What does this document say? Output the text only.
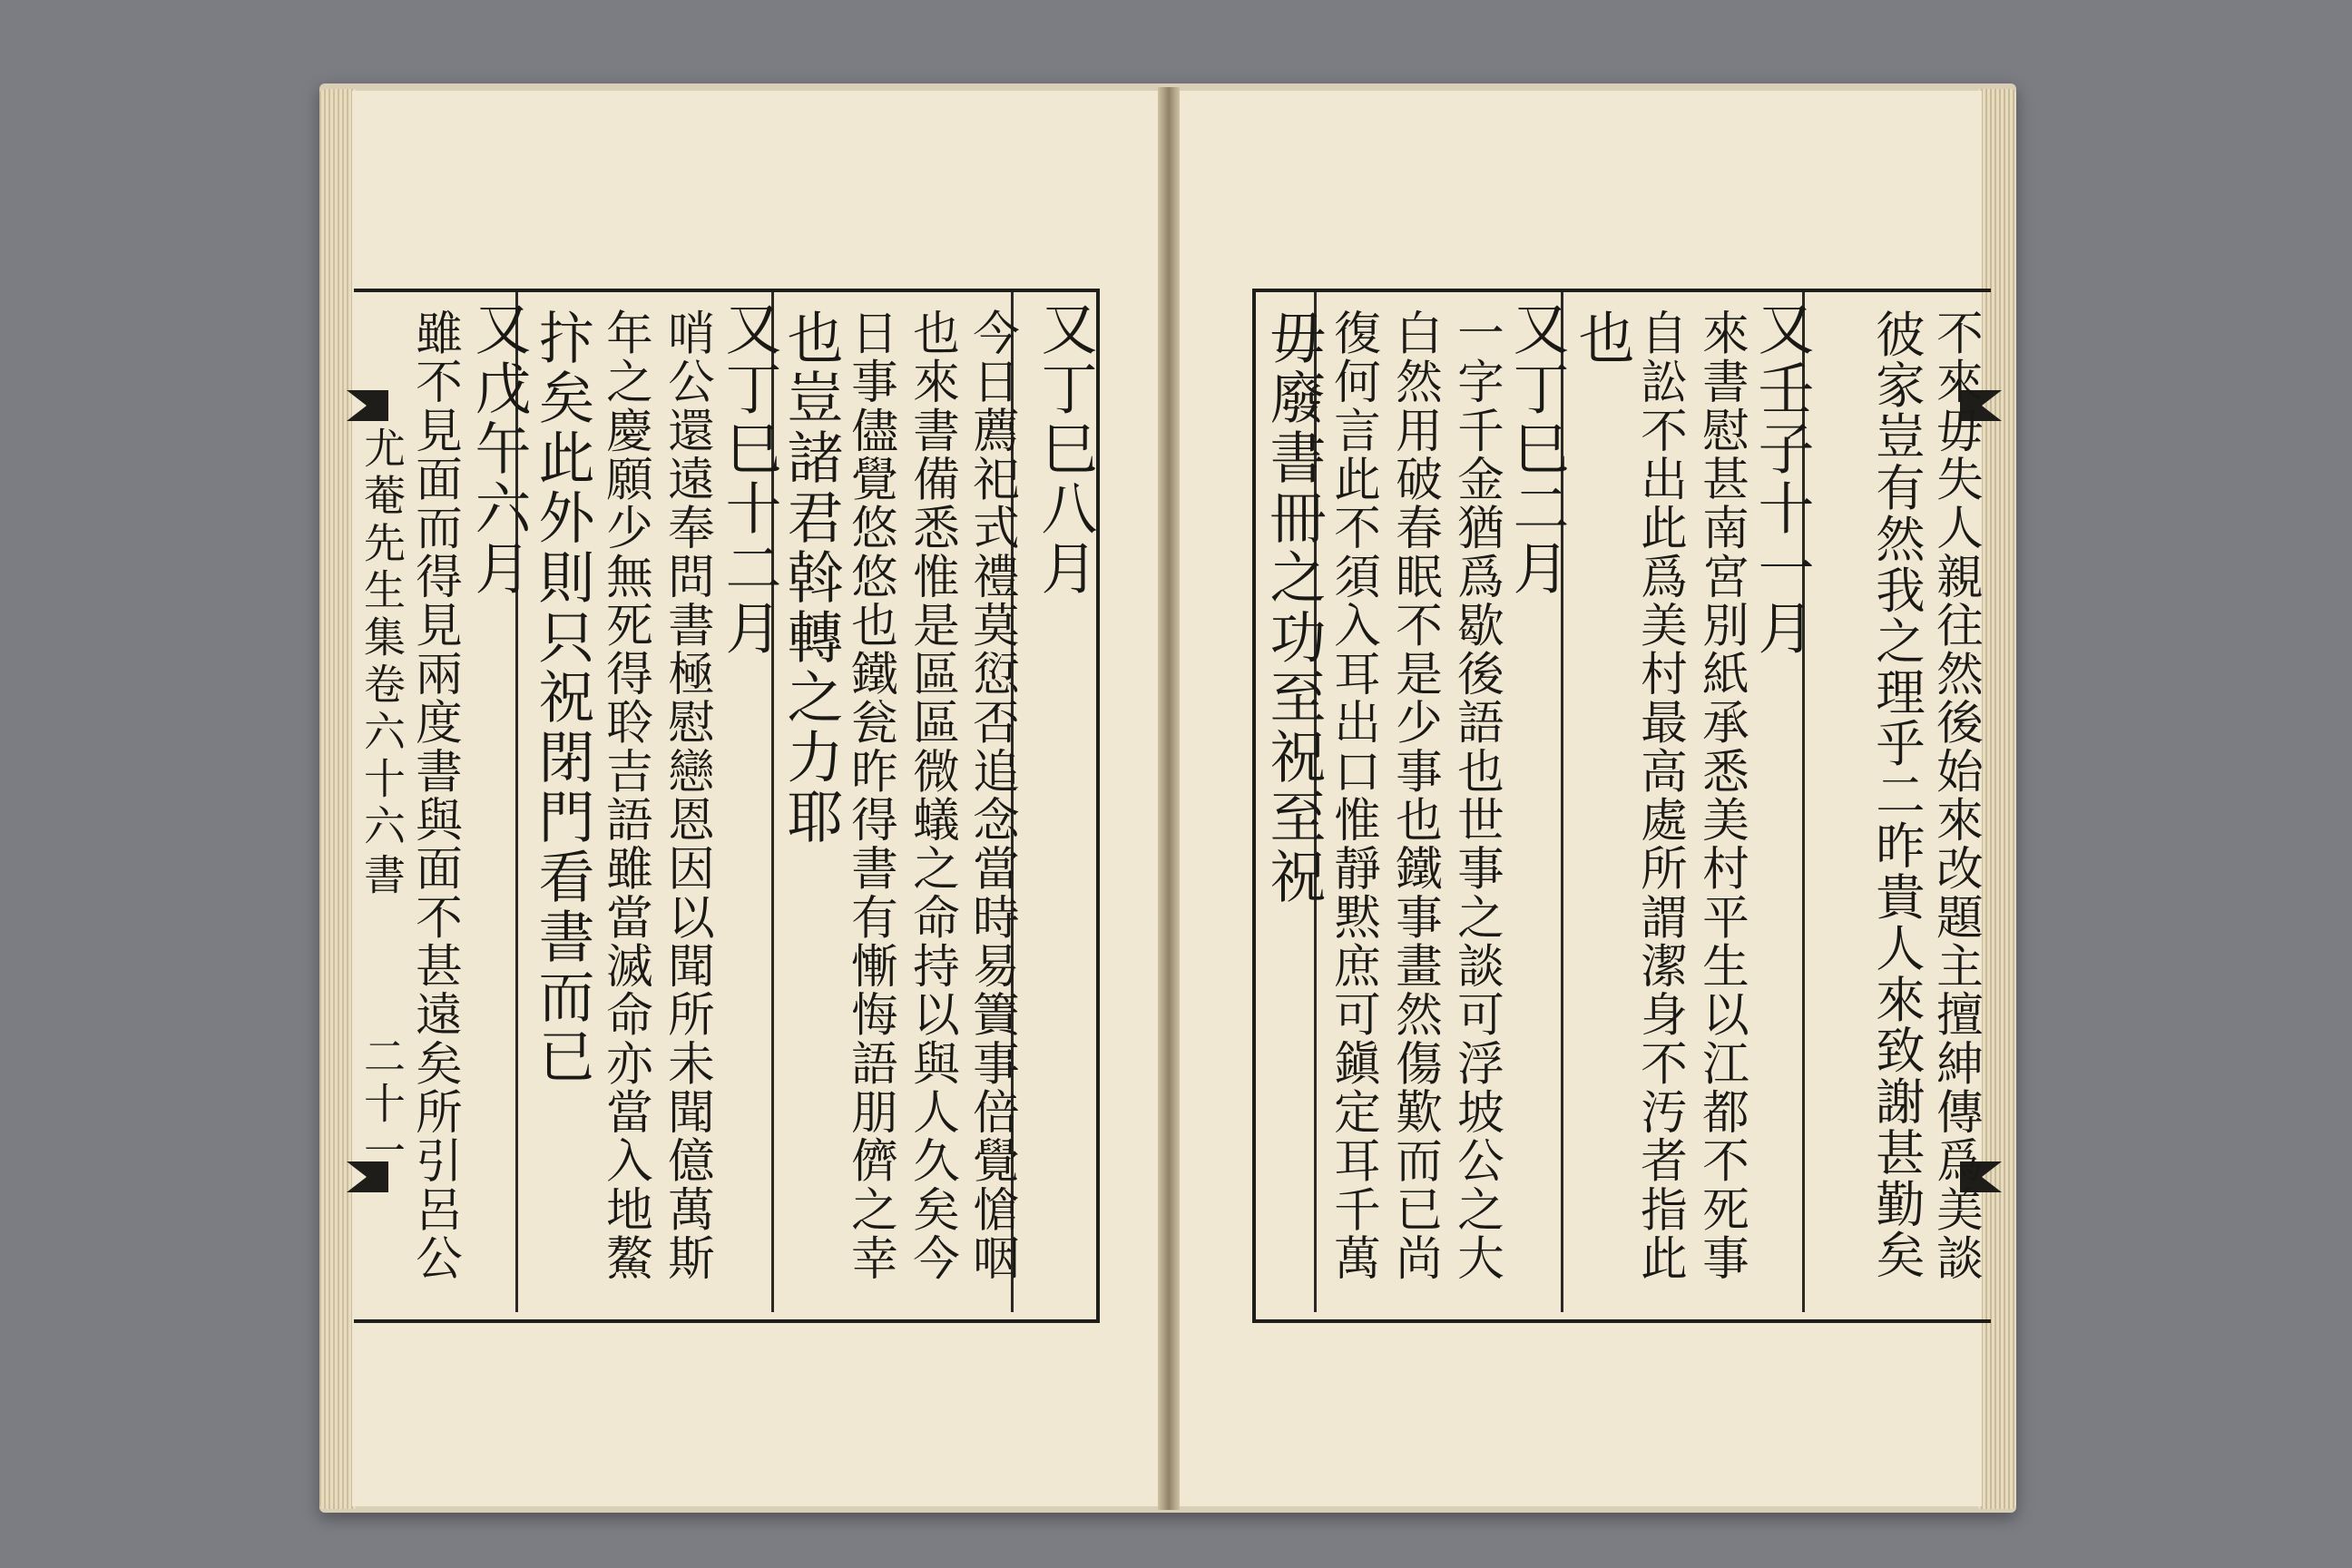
不來毋失人親往然後始來改題主擅紳傳爲美談
彼家豈有然我之理乎二昨貴人來致謝甚勤矣
又壬子十一月
來書慰甚南宮別紙承悉美村平生以江都不死事
自訟不出此爲美村最高處所謂潔身不汚者指此
也
又丁巳二月
一字千金猶爲歇後語也世事之談可浮坡公之大
白然用破春眠不是少事也鐵事畫然傷歎而已尚
復何言此不須入耳出口惟靜黙庶可鎭定耳千萬
毋廢書冊之功至祝至祝
又丁巳八月
今日薦祀式禮莫愆否追念當時易簀事倍覺愴咽
也來書備悉惟是區區微蟻之命持以與人久矣今
日事儘覺悠悠也鐵瓮昨得書有慚悔語朋儕之幸
也豈諸君斡轉之力耶
又丁巳十二月
哨公還遠奉問書極慰戀恩因以聞所未聞億萬斯
年之慶願少無死得聆吉語雖當滅命亦當入地鰲
抃矣此外則只祝閉門看書而已
又戊午六月
雖不見面而得見兩度書與面不甚遠矣所引呂公
尤菴先生集卷六十六
書
二十一
